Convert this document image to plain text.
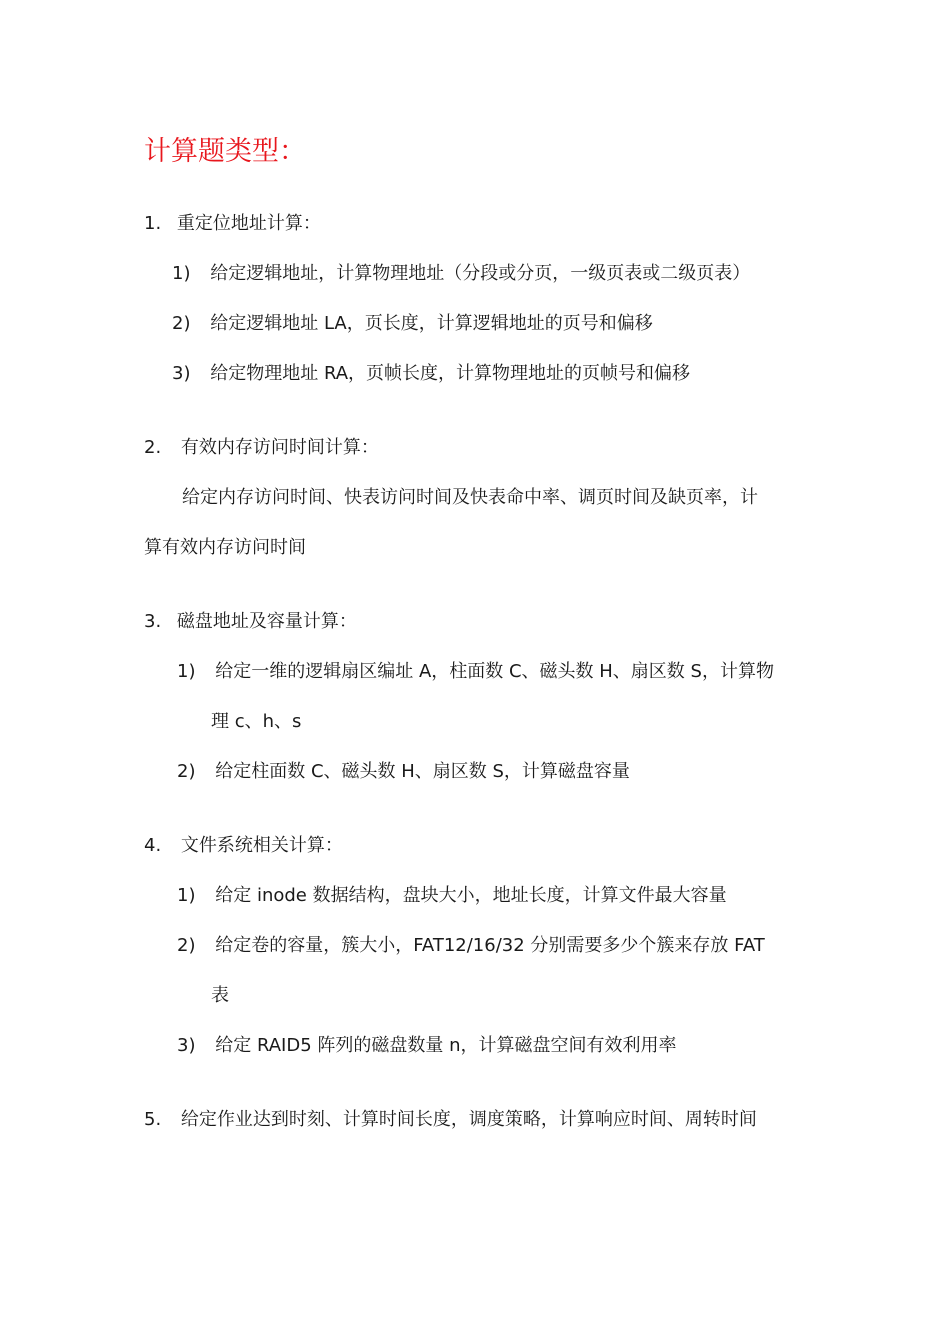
计算题类型：
1. 重定位地址计算：
1) 给定逻辑地址，计算物理地址（分段或分页，一级页表或二级页表）
2) 给定逻辑地址 LA，页长度，计算逻辑地址的页号和偏移
3) 给定物理地址 RA，页帧长度，计算物理地址的页帧号和偏移
2. 有效内存访问时间计算：
给定内存访问时间、快表访问时间及快表命中率、调页时间及缺页率，计
算有效内存访问时间
3. 磁盘地址及容量计算：
1) 给定一维的逻辑扇区编址 A，柱面数 C、磁头数 H、扇区数 S，计算物
理 c、h、s
2) 给定柱面数 C、磁头数 H、扇区数 S，计算磁盘容量
4. 文件系统相关计算：
1) 给定 inode 数据结构，盘块大小，地址长度，计算文件最大容量
2) 给定卷的容量，簇大小，FAT12/16/32 分别需要多少个簇来存放 FAT
表
3) 给定 RAID5 阵列的磁盘数量 n，计算磁盘空间有效利用率
5. 给定作业达到时刻、计算时间长度，调度策略，计算响应时间、周转时间
